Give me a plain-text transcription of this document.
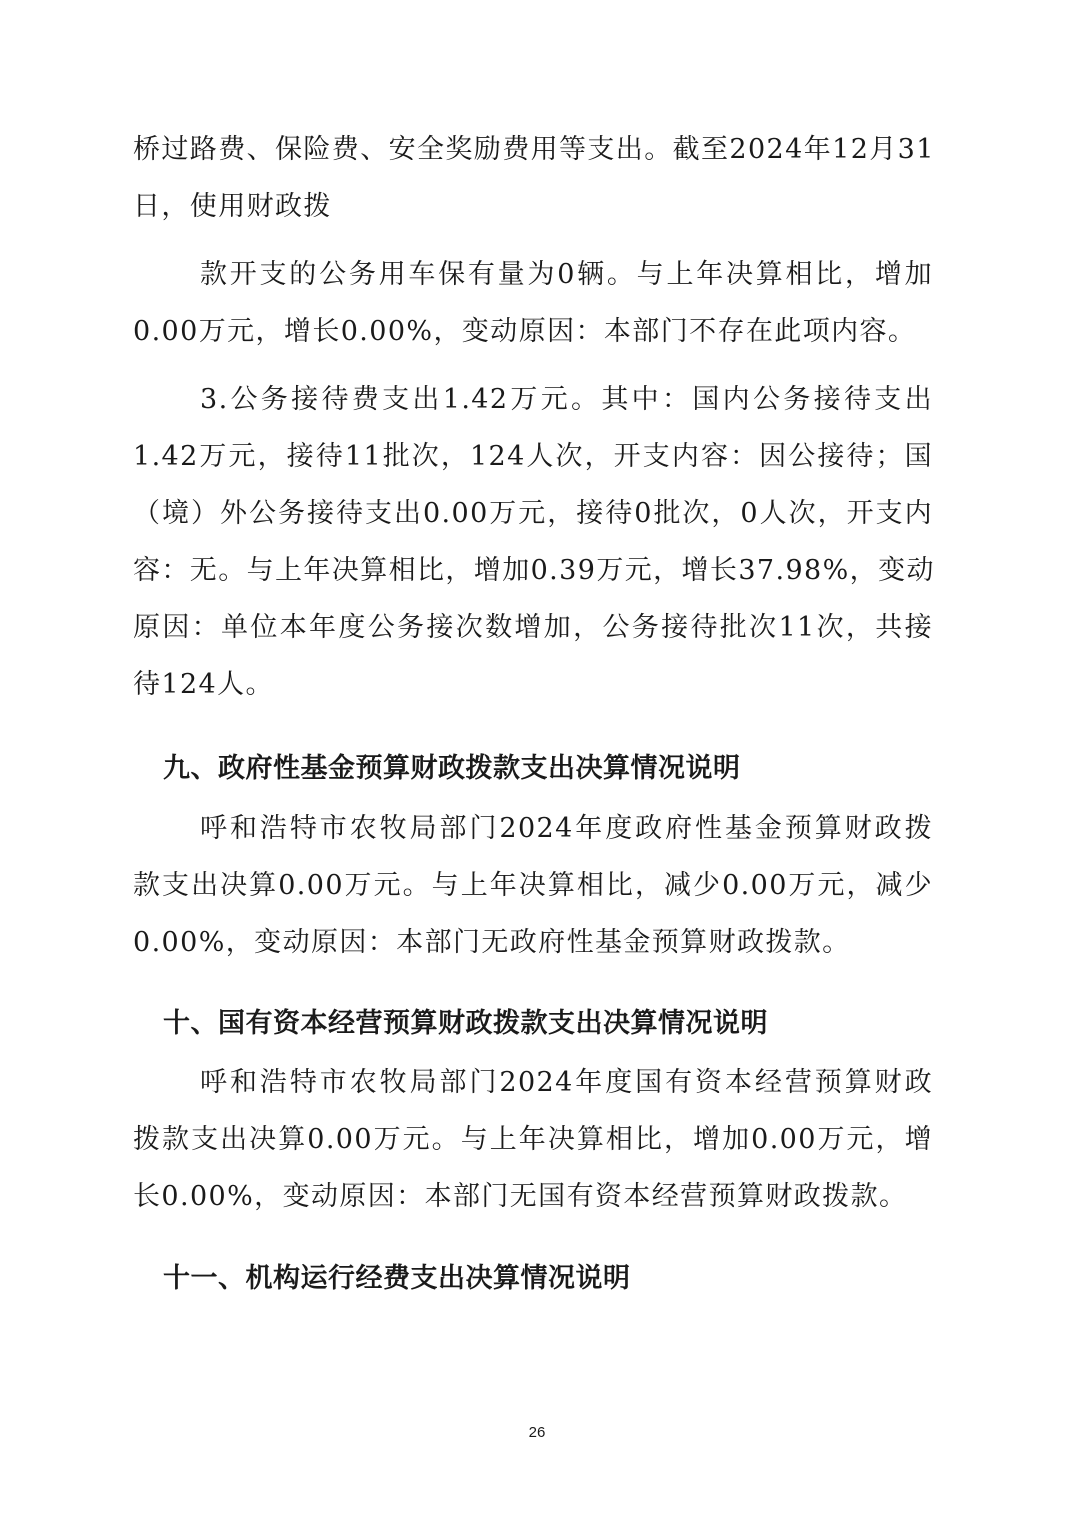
桥过路费、保险费、安全奖励费用等支出。截至2024年12月31
日，使用财政拨
款开支的公务用车保有量为0辆。与上年决算相比，增加
0.00万元，增长0.00%，变动原因：本部门不存在此项内容。
3.公务接待费支出1.42万元。其中：国内公务接待支出
1.42万元，接待11批次，124人次，开支内容：因公接待；国
（境）外公务接待支出0.00万元，接待0批次，0人次，开支内
容：无。与上年决算相比，增加0.39万元，增长37.98%，变动
原因：单位本年度公务接次数增加，公务接待批次11次，共接
待124人。
九、政府性基金预算财政拨款支出决算情况说明
呼和浩特市农牧局部门2024年度政府性基金预算财政拨
款支出决算0.00万元。与上年决算相比，减少0.00万元，减少
0.00%，变动原因：本部门无政府性基金预算财政拨款。
十、国有资本经营预算财政拨款支出决算情况说明
呼和浩特市农牧局部门2024年度国有资本经营预算财政
拨款支出决算0.00万元。与上年决算相比，增加0.00万元，增
长0.00%，变动原因：本部门无国有资本经营预算财政拨款。
十一、机构运行经费支出决算情况说明
26
